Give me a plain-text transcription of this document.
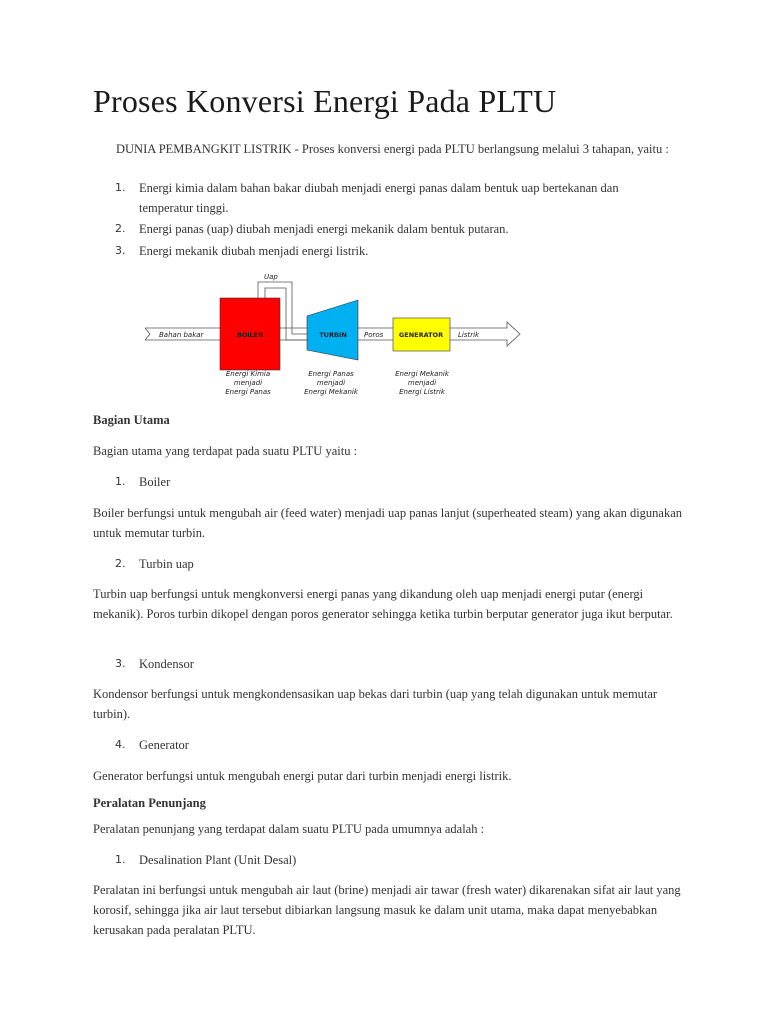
Proses Konversi Energi Pada PLTU

DUNIA PEMBANGKIT LISTRIK - Proses konversi energi pada PLTU berlangsung melalui 3 tahapan, yaitu :

1.	Energi kimia dalam bahan bakar diubah menjadi energi panas dalam bentuk uap bertekanan dan temperatur tinggi.
2.	Energi panas (uap) diubah menjadi energi mekanik dalam bentuk putaran.
3.	Energi mekanik diubah menjadi energi listrik.
Uap
BOILER	TURBIN	GENERATOR
Bahan bakar	Poros	Listrik
Energi Kimia
menjadi
Energi Panas
Energi Panas
menjadi
Energi Mekanik
Energi Mekanik
menjadi
Energi Listrik
Bagian Utama

Bagian utama yang terdapat pada suatu PLTU yaitu :

1.	Boiler

Boiler berfungsi untuk mengubah air (feed water) menjadi uap panas lanjut (superheated steam) yang akan digunakan untuk memutar turbin.

2.	Turbin uap

Turbin uap berfungsi untuk mengkonversi energi panas yang dikandung oleh uap menjadi energi putar (energi mekanik). Poros turbin dikopel dengan poros generator sehingga ketika turbin berputar generator juga ikut berputar.

3.	Kondensor

Kondensor berfungsi untuk mengkondensasikan uap bekas dari turbin (uap yang telah digunakan untuk memutar turbin).

4.	Generator

Generator berfungsi untuk mengubah energi putar dari turbin menjadi energi listrik.

Peralatan Penunjang

Peralatan penunjang yang terdapat dalam suatu PLTU pada umumnya adalah :

1.	Desalination Plant (Unit Desal)

Peralatan ini berfungsi untuk mengubah air laut (brine) menjadi air tawar (fresh water) dikarenakan sifat air laut yang korosif, sehingga jika air laut tersebut dibiarkan langsung masuk ke dalam unit utama, maka dapat menyebabkan kerusakan pada peralatan PLTU.
